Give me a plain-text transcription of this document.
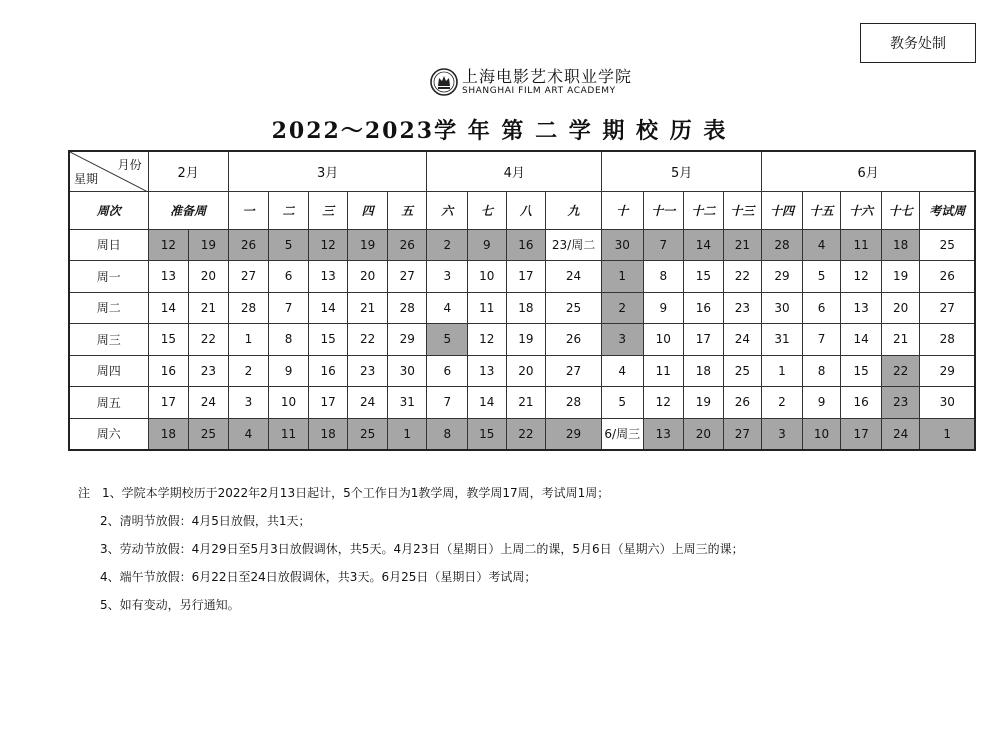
教务处制
上海电影艺术职业学院
SHANGHAI FILM ART ACADEMY
2022～2023学 年 第 二 学 期 校 历 表
月份
星期	2月		3月					4月				5月				6月				
周次	准备周		一	二	三	四	五	六	七	八	九	十	十一	十二	十三	十四	十五	十六	十七	考试周
周日	12	19	26	5	12	19	26	2	9	16	23/周二	30	7	14	21	28	4	11	18	25
周一	13	20	27	6	13	20	27	3	10	17	24	1	8	15	22	29	5	12	19	26
周二	14	21	28	7	14	21	28	4	11	18	25	2	9	16	23	30	6	13	20	27
周三	15	22	1	8	15	22	29	5	12	19	26	3	10	17	24	31	7	14	21	28
周四	16	23	2	9	16	23	30	6	13	20	27	4	11	18	25	1	8	15	22	29
周五	17	24	3	10	17	24	31	7	14	21	28	5	12	19	26	2	9	16	23	30
周六	18	25	4	11	18	25	1	8	15	22	29	6/周三	13	20	27	3	10	17	24	1
注　1、学院本学期校历于2022年2月13日起计，5个工作日为1教学周，教学周17周，考试周1周；
2、清明节放假：4月5日放假，共1天；
3、劳动节放假：4月29日至5月3日放假调休，共5天。4月23日（星期日）上周二的课，5月6日（星期六）上周三的课；
4、端午节放假：6月22日至24日放假调休，共3天。6月25日（星期日）考试周；
5、如有变动，另行通知。
